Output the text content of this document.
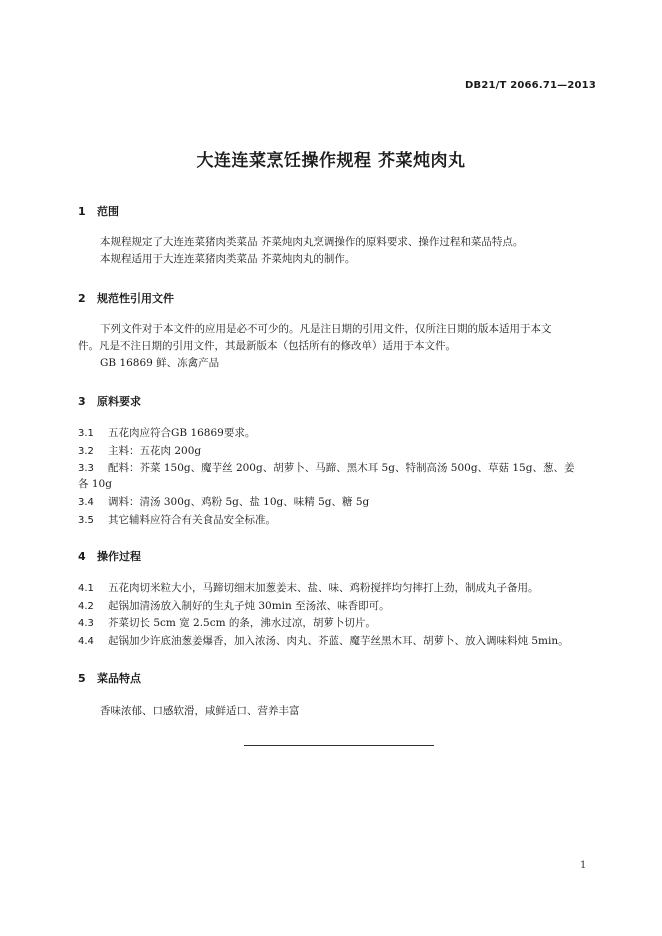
DB21/T 2066.71—2013
大连连菜烹饪操作规程 芥菜炖肉丸
1 范围
本规程规定了大连连菜猪肉类菜品 芥菜炖肉丸烹调操作的原料要求、操作过程和菜品特点。
本规程适用于大连连菜猪肉类菜品 芥菜炖肉丸的制作。
2 规范性引用文件
下列文件对于本文件的应用是必不可少的。凡是注日期的引用文件，仅所注日期的版本适用于本文
件。凡是不注日期的引用文件，其最新版本（包括所有的修改单）适用于本文件。
GB 16869 鲜、冻禽产品
3 原料要求
3.1 五花肉应符合GB 16869要求。
3.2 主料：五花肉 200g
3.3 配料：芥菜 150g、魔芋丝 200g、胡萝卜、马蹄、黑木耳 5g、特制高汤 500g、草菇 15g、葱、姜
各 10g
3.4 调料：清汤 300g、鸡粉 5g、盐 10g、味精 5g、糖 5g
3.5 其它辅料应符合有关食品安全标准。
4 操作过程
4.1 五花肉切米粒大小，马蹄切细末加葱姜末、盐、味、鸡粉搅拌均匀摔打上劲，制成丸子备用。
4.2 起锅加清汤放入制好的生丸子炖 30min 至汤浓、味香即可。
4.3 芥菜切长 5cm 宽 2.5cm 的条，沸水过凉，胡萝卜切片。
4.4 起锅加少许底油葱姜爆香，加入浓汤、肉丸、芥蓝、魔芋丝黑木耳、胡萝卜、放入调味料炖 5min。
5 菜品特点
香味浓郁、口感软滑，咸鲜适口、营养丰富
1
